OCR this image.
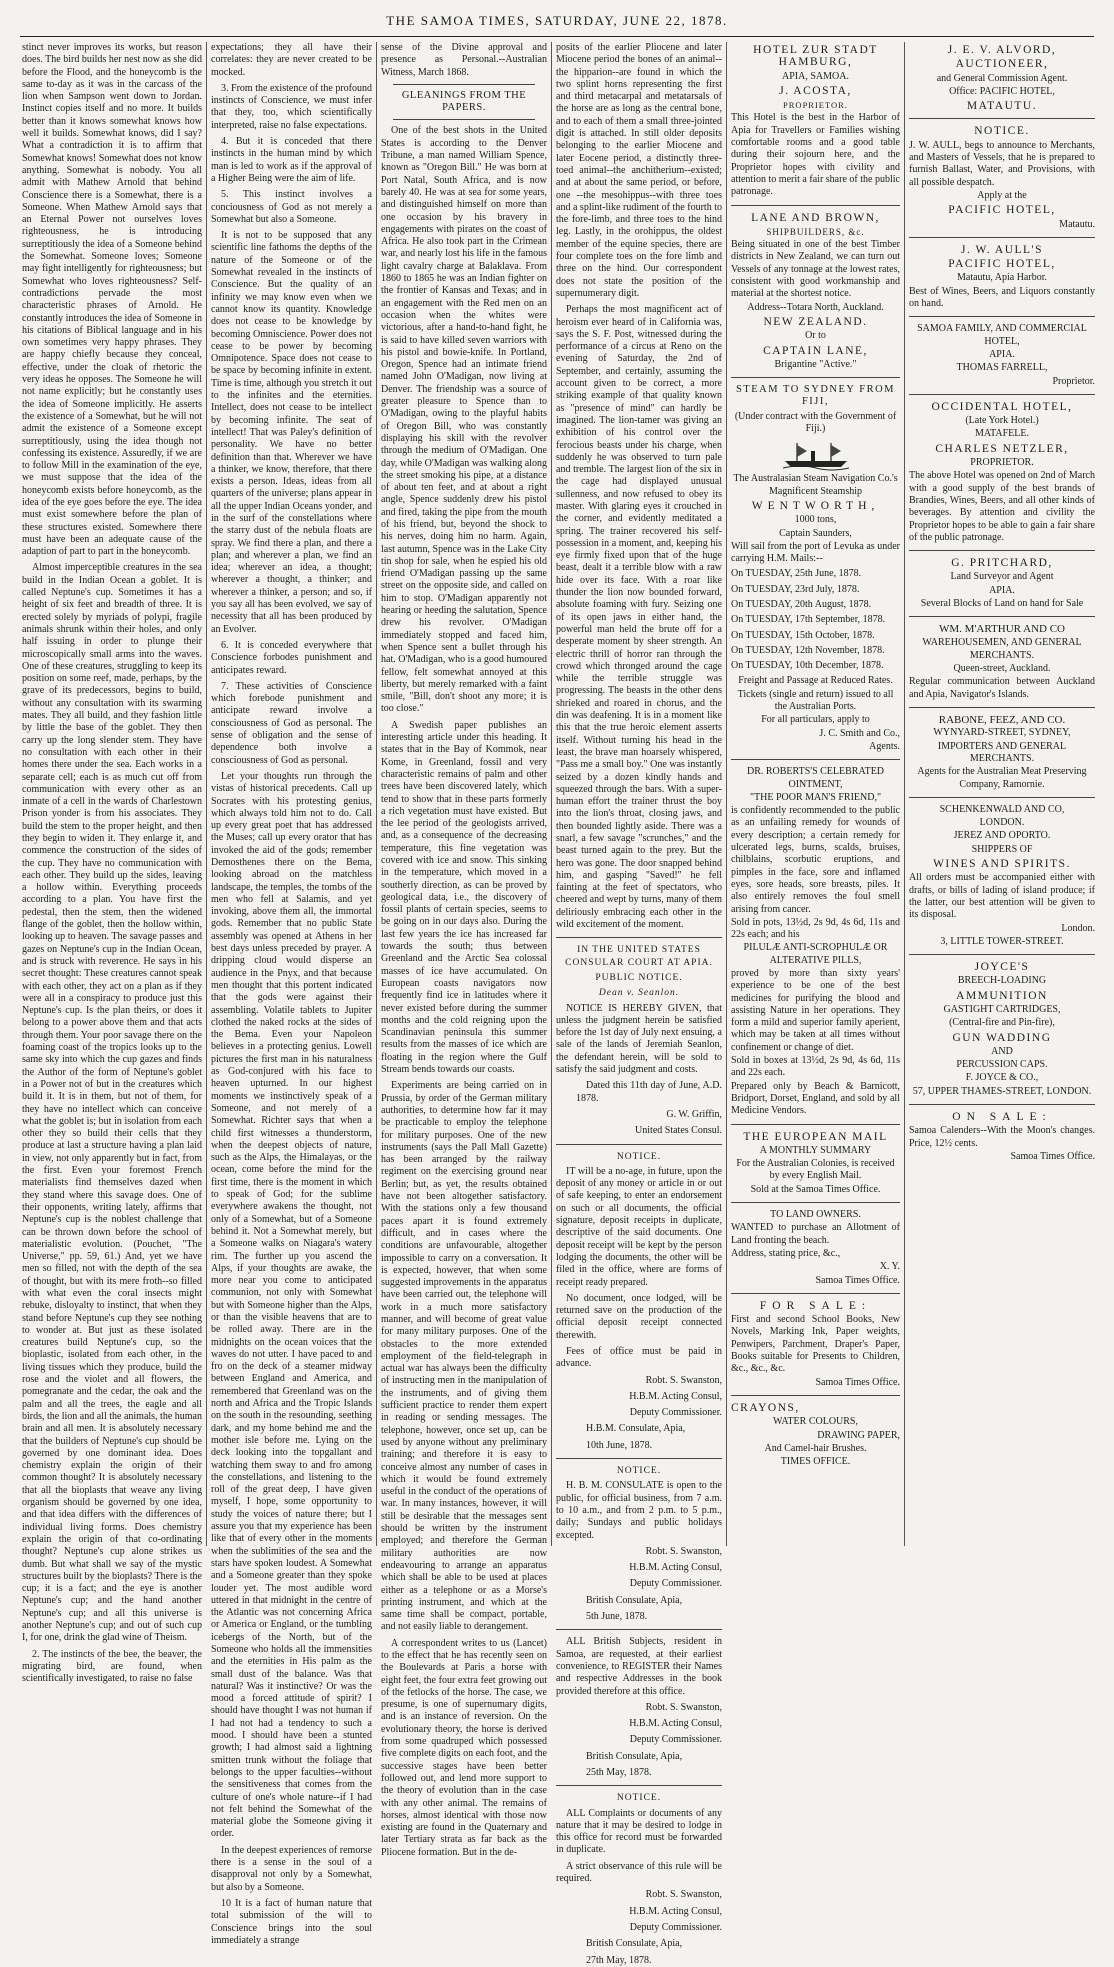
THE SAMOA TIMES, SATURDAY, JUNE 22, 1878.

stinct never improves its works, but reason does. The bird builds her nest now as she did before the Flood, and the honeycomb is the same to-day as it was in the carcass of the lion when Sampson went down to Jordan. Instinct copies itself and no more. It builds better than it knows somewhat knows how well it builds. Somewhat knows, did I say? What a contradiction it is to affirm that Somewhat knows! Somewhat does not know anything. Somewhat is nobody. You all admit with Mathew Arnold that behind Conscience there is a Somewhat, there is a Someone. When Mathew Arnold says that an Eternal Power not ourselves loves righteousness, he is introducing surreptitiously the idea of a Someone behind the Somewhat. Someone loves; Someone may fight intelligently for righteousness; but Somewhat who loves righteousness? Self-contradictions pervade the most characteristic phrases of Arnold. He constantly introduces the idea of Someone in his citations of Biblical language and in his own sometimes very happy phrases. They are happy chiefly because they conceal, effective, under the cloak of rhetoric the very ideas he opposes. The Someone he will not name explicitly; but he constantly uses the idea of Someone implicitly. He asserts the existence of a Somewhat, but he will not admit the existence of a Someone except surreptitiously, using the idea though not confessing its existence. Assuredly, if we are to follow Mill in the examination of the eye, we must suppose that the idea of the honeycomb exists before honeycomb, as the idea of the eye goes before the eye. The idea must exist somewhere before the plan of these structures existed. Somewhere there must have been an adequate cause of the adaption of part to part in the honeycomb.

Almost imperceptible creatures in the sea build in the Indian Ocean a goblet. It is called Neptune's cup. Sometimes it has a height of six feet and breadth of three. It is erected solely by myriads of polypi, fragile animals shrunk within their holes, and only half issuing in order to plunge their microscopically small arms into the waves. One of these creatures, struggling to keep its position on some reef, made, perhaps, by the grave of its predecessors, begins to build, without any consultation with its swarming mates. They all build, and they fashion little by little the base of the goblet. They then carry up the long slender stem. They have no consultation with each other in their homes there under the sea. Each works in a separate cell; each is as much cut off from communication with every other as an inmate of a cell in the wards of Charlestown Prison yonder is from his associates. They build the stem to the proper height, and then they begin to widen it. They enlarge it, and commence the construction of the sides of the cup. They have no communication with each other. They build up the sides, leaving a hollow within. Everything proceeds according to a plan. You have first the pedestal, then the stem, then the widened flange of the goblet, then the hollow within, looking up to heaven. The savage passes and gazes on Neptune's cup in the Indian Ocean, and is struck with reverence. He says in his secret thought: These creatures cannot speak with each other, they act on a plan as if they were all in a conspiracy to produce just this Neptune's cup. Is the plan theirs, or does it belong to a power above them and that acts through them. Your poor savage there on the foaming coast of the tropics looks up to the same sky into which the cup gazes and finds the Author of the form of Neptune's goblet in a Power not of but in the creatures which build it. It is in them, but not of them, for they have no intellect which can conceive what the goblet is; but in isolation from each other they so build their cells that they produce at last a structure having a plan laid in view, not only apparently but in fact, from the first. Even your foremost French materialists find themselves dazed when they stand where this savage does. One of their opponents, writing lately, affirms that Neptune's cup is the noblest challenge that can be thrown down before the school of materialistic evolution. (Pouchet, "The Universe," pp. 59, 61.) And, yet we have men so filled, not with the depth of the sea of thought, but with its mere froth--so filled with what even the coral insects might rebuke, disloyalty to instinct, that when they stand before Neptune's cup they see nothing to wonder at. But just as these isolated creatures build Neptune's cup, so the bioplastic, isolated from each other, in the living tissues which they produce, build the rose and the violet and all flowers, the pomegranate and the cedar, the oak and the palm and all the trees, the eagle and all birds, the lion and all the animals, the human brain and all men. It is absolutely necessary that the builders of Neptune's cup should be governed by one dominant idea. Does chemistry explain the origin of their common thought? It is absolutely necessary that all the bioplasts that weave any living organism should be governed by one idea, and that idea differs with the differences of individual living forms. Does chemistry explain the origin of that co-ordinating thought? Neptune's cup alone strikes us dumb. But what shall we say of the mystic structures built by the bioplasts? There is the cup; it is a fact; and the eye is another Neptune's cup; and the hand another Neptune's cup; and all this universe is another Neptune's cup; and out of such cup I, for one, drink the glad wine of Theism.

2. The instincts of the bee, the beaver, the migrating bird, are found, when scientifically investigated, to raise no false

expectations; they all have their correlates: they are never created to be mocked.

3. From the existence of the profound instincts of Conscience, we must infer that they, too, which scientifically interpreted, raise no false expectations.

4. But it is conceded that there instincts in the human mind by which man is led to work as if the approval of a Higher Being were the aim of life.

5. This instinct involves a conciousness of God as not merely a Somewhat but also a Someone.

It is not to be supposed that any scientific line fathoms the depths of the nature of the Someone or of the Somewhat revealed in the instincts of Conscience. But the quality of an infinity we may know even when we cannot know its quantity. Knowledge does not cease to be knowledge by becoming Omniscience. Power does not cease to be power by becoming Omnipotence. Space does not cease to be space by becoming infinite in extent. Time is time, although you stretch it out to the infinites and the eternities. Intellect, does not cease to be intellect by becoming infinite. The seat of intellect! That was Paley's definition of personality. We have no better definition than that. Wherever we have a thinker, we know, therefore, that there exists a person. Ideas, ideas from all quarters of the universe; plans appear in all the upper Indian Oceans yonder, and in the surf of the constellations where the starry dust of the nebula floats are spray. We find there a plan, and there a plan; and wherever a plan, we find an idea; wherever an idea, a thought; wherever a thought, a thinker; and wherever a thinker, a person; and so, if you say all has been evolved, we say of necessity that all has been produced by an Evolver.

6. It is conceded everywhere that Conscience forbodes punishment and anticipates reward.

7. These activities of Conscience which forebode punishment and anticipate reward involve a consciousness of God as personal. The sense of obligation and the sense of dependence both involve a consciousness of God as personal.

Let your thoughts run through the vistas of historical precedents. Call up Socrates with his protesting genius, which always told him not to do. Call up every great poet that has addressed the Muses; call up every orator that has invoked the aid of the gods; remember Demosthenes there on the Bema, looking abroad on the matchless landscape, the temples, the tombs of the men who fell at Salamis, and yet invoking, above them all, the immortal gods. Remember that no public State assembly was opened at Athens in her best days unless preceded by prayer. A dripping cloud would disperse an audience in the Pnyx, and that because men thought that this portent indicated that the gods were against their assembling. Volatile tablets to Jupiter clothed the naked rocks at the sides of the Bema. Even your Napoleon believes in a protecting genius. Lowell pictures the first man in his naturalness as God-conjured with his face to heaven upturned. In our highest moments we instinctively speak of a Someone, and not merely of a Somewhat. Richter says that when a child first witnesses a thunderstorm, when the deepest objects of nature, such as the Alps, the Himalayas, or the ocean, come before the mind for the first time, there is the moment in which to speak of God; for the sublime everywhere awakens the thought, not only of a Somewhat, but of a Someone behind it. Not a Somewhat merely, but a Someone walks on Niagara's watery rim. The further up you ascend the Alps, if your thoughts are awake, the more near you come to anticipated communion, not only with Somewhat but with Someone higher than the Alps, or than the visible heavens that are to be rolled away. There are in the midnights on the ocean voices that the waves do not utter. I have paced to and fro on the deck of a steamer midway between England and America, and remembered that Greenland was on the north and Africa and the Tropic Islands on the south in the resounding, seething dark, and my home behind me and the mother isle before me. Lying on the deck looking into the topgallant and watching them sway to and fro among the constellations, and listening to the roll of the great deep, I have given myself, I hope, some opportunity to study the voices of nature there; but I assure you that my experience has been like that of every other in the moments when the sublimities of the sea and the stars have spoken loudest. A Somewhat and a Someone greater than they spoke louder yet. The most audible word uttered in that midnight in the centre of the Atlantic was not concerning Africa or America or England, or the tumbling icebergs of the North, but of the Someone who holds all the immensities and the eternities in His palm as the small dust of the balance. Was that natural? Was it instinctive? Or was the mood a forced attitude of spirit? I should have thought I was not human if I had not had a tendency to such a mood. I should have been a stunted growth; I had almost said a lightning smitten trunk without the foliage that belongs to the upper faculties--without the sensitiveness that comes from the culture of one's whole nature--if I had not felt behind the Somewhat of the material globe the Someone giving it order.

In the deepest experiences of remorse there is a sense in the soul of a disapproval not only by a Somewhat, but also by a Someone.

10 It is a fact of human nature that total submission of the will to Conscience brings into the soul immediately a strange

sense of the Divine approval and presence as Personal.--Australian Witness, March 1868.

GLEANINGS FROM THE PAPERS.

One of the best shots in the United States is according to the Denver Tribune, a man named William Spence, known as "Oregon Bill." He was born at Port Natal, South Africa, and is now barely 40. He was at sea for some years, and distinguished himself on more than one occasion by his bravery in engagements with pirates on the coast of Africa. He also took part in the Crimean war, and nearly lost his life in the famous light cavalry charge at Balaklava. From 1860 to 1865 he was an Indian fighter on the frontier of Kansas and Texas; and in an engagement with the Red men on an occasion when the whites were victorious, after a hand-to-hand fight, he is said to have killed seven warriors with his pistol and bowie-knife. In Portland, Oregon, Spence had an intimate friend named John O'Madigan, now living at Denver. The friendship was a source of greater pleasure to Spence than to O'Madigan, owing to the playful habits of Oregon Bill, who was constantly displaying his skill with the revolver through the medium of O'Madigan. One day, while O'Madigan was walking along the street smoking his pipe, at a distance of about ten feet, and at about a right angle, Spence suddenly drew his pistol and fired, taking the pipe from the mouth of his friend, but, beyond the shock to his nerves, doing him no harm. Again, last autumn, Spence was in the Lake City tin shop for sale, when he espied his old friend O'Madigan passing up the same street on the opposite side, and called on him to stop. O'Madigan apparently not hearing or heeding the salutation, Spence drew his revolver. O'Madigan immediately stopped and faced him, when Spence sent a bullet through his hat. O'Madigan, who is a good humoured fellow, felt somewhat annoyed at this liberty, but merely remarked with a faint smile, "Bill, don't shoot any more; it is too close."

A Swedish paper publishes an interesting article under this heading. It states that in the Bay of Kommok, near Kome, in Greenland, fossil and very characteristic remains of palm and other trees have been discovered lately, which tend to show that in these parts formerly a rich vegetation must have existed. But the lee period of the geologists arrived, and, as a consequence of the decreasing temperature, this fine vegetation was covered with ice and snow. This sinking in the temperature, which moved in a southerly direction, as can be proved by geological data, i.e., the discovery of fossil plants of certain species, seems to be going on in our days also. During the last few years the ice has increased far towards the south; thus between Greenland and the Arctic Sea colossal masses of ice have accumulated. On European coasts navigators now frequently find ice in latitudes where it never existed before during the summer months and the cold reigning upon the Scandinavian peninsula this summer results from the masses of ice which are floating in the region where the Gulf Stream bends towards our coasts.

Experiments are being carried on in Prussia, by order of the German military authorities, to determine how far it may be practicable to employ the telephone for military purposes. One of the new instruments (says the Pall Mall Gazette) has been arranged by the railway regiment on the exercising ground near Berlin; but, as yet, the results obtained have not been altogether satisfactory. With the stations only a few thousand paces apart it is found extremely difficult, and in cases where the conditions are unfavourable, altogether impossible to carry on a conversation. It is expected, however, that when some suggested improvements in the apparatus have been carried out, the telephone will work in a much more satisfactory manner, and will become of great value for many military purposes. One of the obstacles to the more extended employment of the field-telegraph in actual war has always been the difficulty of instructing men in the manipulation of the instruments, and of giving them sufficient practice to render them expert in reading or sending messages. The telephone, however, once set up, can be used by anyone without any preliminary training; and therefore it is easy to conceive almost any number of cases in which it would be found extremely useful in the conduct of the operations of war. In many instances, however, it will still be desirable that the messages sent should be written by the instrument employed; and therefore the German military authorities are now endeavouring to arrange an apparatus which shall be able to be used at places either as a telephone or as a Morse's printing instrument, and which at the same time shall be compact, portable, and not easily liable to derangement.

A correspondent writes to us (Lancet) to the effect that he has recently seen on the Boulevards at Paris a horse with eight feet, the four extra feet growing out of the fetlocks of the horse. The case, we presume, is one of supernumary digits, and is an instance of reversion. On the evolutionary theory, the horse is derived from some quadruped which possessed five complete digits on each foot, and the successive stages have been better followed out, and lend more support to the theory of evolution than in the case with any other animal. The remains of horses, almost identical with those now existing are found in the Quaternary and later Tertiary strata as far back as the Pliocene formation. But in the de-

posits of the earlier Pliocene and later Miocene period the bones of an animal--the hipparion--are found in which the two splint horns representing the first and third metacarpal and metatarsals of the horse are as long as the central bone, and to each of them a small three-jointed digit is attached. In still older deposits belonging to the earlier Miocene and later Eocene period, a distinctly three-toed animal--the anchitherium--existed; and at about the same period, or before, one --the mesohippus--with three toes and a splint-like rudiment of the fourth to the fore-limb, and three toes to the hind leg. Lastly, in the orohippus, the oldest member of the equine species, there are four complete toes on the fore limb and three on the hind. Our correspondent does not state the position of the supernumerary digit.

Perhaps the most magnificent act of heroism ever heard of in California was, says the S. F. Post, witnessed during the performance of a circus at Reno on the evening of Saturday, the 2nd of September, and certainly, assuming the account given to be correct, a more striking example of that quality known as "presence of mind" can hardly be imagined. The lion-tamer was giving an exhibition of his control over the ferocious beasts under his charge, when suddenly he was observed to turn pale and tremble. The largest lion of the six in the cage had displayed unusual sullenness, and now refused to obey its master. With glaring eyes it crouched in the corner, and evidently meditated a spring. The trainer recovered his self-possession in a moment, and, keeping his eye firmly fixed upon that of the huge beast, dealt it a terrible blow with a raw hide over its face. With a roar like thunder the lion now bounded forward, absolute foaming with fury. Seizing one of its open jaws in either hand, the powerful man held the brute off for a desperate moment by sheer strength. An electric thrill of horror ran through the crowd which thronged around the cage while the terrible struggle was progressing. The beasts in the other dens shrieked and roared in chorus, and the din was deafening. It is in a moment like this that the true heroic element asserts itself. Without turning his head in the least, the brave man hoarsely whispered, "Pass me a small boy." One was instantly seized by a dozen kindly hands and squeezed through the bars. With a super-human effort the trainer thrust the boy into the lion's throat, closing jaws, and then bounded lightly aside. There was a snarl, a few savage "scrunches," and the beast turned again to the prey. But the hero was gone. The door snapped behind him, and gasping "Saved!" he fell fainting at the feet of spectators, who cheered and wept by turns, many of them deliriously embracing each other in the wild excitement of the moment.

IN THE UNITED STATES CONSULAR COURT AT APIA.
PUBLIC NOTICE.
Dean v. Seanlon.

NOTICE IS HEREBY GIVEN, that unless the judgment herein be satisfied before the 1st day of July next ensuing, a sale of the lands of Jeremiah Seanlon, the defendant herein, will be sold to satisfy the said judgment and costs.

Dated this 11th day of June, A.D. 1878.

G. W. Griffin,

United States Consul.

NOTICE.

IT will be a no-age, in future, upon the deposit of any money or article in or out of safe keeping, to enter an endorsement on such or all documents, the official signature, deposit receipts in duplicate, descriptive of the said documents. One deposit receipt will be kept by the person lodging the documents, the other will be filed in the office, where are forms of receipt ready prepared.

No document, once lodged, will be returned save on the production of the official deposit receipt connected therewith.

Fees of office must be paid in advance.

Robt. S. Swanston,

H.B.M. Acting Consul,

Deputy Commissioner.

H.B.M. Consulate, Apia,

10th June, 1878.

NOTICE.

H. B. M. CONSULATE is open to the public, for official business, from 7 a.m. to 10 a.m., and from 2 p.m. to 5 p.m., daily; Sundays and public holidays excepted.

Robt. S. Swanston,

H.B.M. Acting Consul,

Deputy Commissioner.

British Consulate, Apia,

5th June, 1878.

ALL British Subjects, resident in Samoa, are requested, at their earliest convenience, to REGISTER their Names and respective Addresses in the book provided therefore at this office.

Robt. S. Swanston,

H.B.M. Acting Consul,

Deputy Commissioner.

British Consulate, Apia,

25th May, 1878.

NOTICE.

ALL Complaints or documents of any nature that it may be desired to lodge in this office for record must be forwarded in duplicate.

A strict observance of this rule will be required.

Robt. S. Swanston,

H.B.M. Acting Consul,

Deputy Commissioner.

British Consulate, Apia,

27th May, 1878.

HOTEL ZUR STADT HAMBURG,
APIA, SAMOA.
J. ACOSTA,
PROPRIETOR.
This Hotel is the best in the Harbor of Apia for Travellers or Families wishing comfortable rooms and a good table during their sojourn here, and the Proprietor hopes with civility and attention to merit a fair share of the public patronage.
LANE AND BROWN,
SHIPBUILDERS, &c.
Being situated in one of the best Timber districts in New Zealand, we can turn out Vessels of any tonnage at the lowest rates, consistent with good workmanship and material at the shortest notice.
Address--Totara North, Auckland.
NEW ZEALAND.
Or to
CAPTAIN LANE,
Brigantine "Active."
STEAM TO SYDNEY FROM FIJI,
(Under contract with the Government of Fiji.)
The Australasian Steam Navigation Co.'s Magnificent Steamship
WENTWORTH,
1000 tons,
Captain Saunders,
Will sail from the port of Levuka as under carrying H.M. Mails:--
On TUESDAY, 25th June, 1878.
On TUESDAY, 23rd July, 1878.
On TUESDAY, 20th August, 1878.
On TUESDAY, 17th September, 1878.
On TUESDAY, 15th October, 1878.
On TUESDAY, 12th November, 1878.
On TUESDAY, 10th December, 1878.
Freight and Passage at Reduced Rates.
Tickets (single and return) issued to all the Australian Ports.
For all particulars, apply to
J. C. Smith and Co.,
Agents.
DR. ROBERTS'S CELEBRATED OINTMENT,
"THE POOR MAN'S FRIEND,"
is confidently recommended to the public as an unfailing remedy for wounds of every description; a certain remedy for ulcerated legs, burns, scalds, bruises, chilblains, scorbutic eruptions, and pimples in the face, sore and inflamed eyes, sore heads, sore breasts, piles. It also entirely removes the foul smell arising from cancer.
Sold in pots, 13½d, 2s 9d, 4s 6d, 11s and 22s each; and his
PILULÆ ANTI-SCROPHULÆ OR ALTERATIVE PILLS,
proved by more than sixty years' experience to be one of the best medicines for purifying the blood and assisting Nature in her operations. They form a mild and superior family aperient, which may be taken at all times without confinement or change of diet.
Sold in boxes at 13½d, 2s 9d, 4s 6d, 11s and 22s each.
Prepared only by Beach & Barnicott, Bridport, Dorset, England, and sold by all Medicine Vendors.
THE EUROPEAN MAIL
A MONTHLY SUMMARY
For the Australian Colonies, is received by every English Mail.
Sold at the Samoa Times Office.
TO LAND OWNERS.
WANTED to purchase an Allotment of Land fronting the beach.
Address, stating price, &c.,
X. Y.
Samoa Times Office.
FOR SALE:
First and second School Books, New Novels, Marking Ink, Paper weights, Penwipers, Parchment, Draper's Paper, Books suitable for Presents to Children, &c., &c., &c.
Samoa Times Office.
CRAYONS,
WATER COLOURS,
DRAWING PAPER,
And Camel-hair Brushes.
TIMES OFFICE.
J. E. V. ALVORD,
AUCTIONEER,
and General Commission Agent.
Office: PACIFIC HOTEL,
MATAUTU.
NOTICE.
J. W. AULL, begs to announce to Merchants, and Masters of Vessels, that he is prepared to furnish Ballast, Water, and Provisions, with all possible despatch.
Apply at the
PACIFIC HOTEL,
Matautu.
J. W. AULL'S
PACIFIC HOTEL,
Matautu, Apia Harbor.
Best of Wines, Beers, and Liquors constantly on hand.
SAMOA FAMILY, AND COMMERCIAL HOTEL,
APIA.
THOMAS FARRELL,
Proprietor.
OCCIDENTAL HOTEL,
(Late York Hotel.)
MATAFELE.
CHARLES NETZLER,
PROPRIETOR.
The above Hotel was opened on 2nd of March with a good supply of the best brands of Brandies, Wines, Beers, and all other kinds of beverages. By attention and civility the Proprietor hopes to be able to gain a fair share of the public patronage.
G. PRITCHARD,
Land Surveyor and Agent
APIA.
Several Blocks of Land on hand for Sale
WM. M'ARTHUR AND CO
WAREHOUSEMEN, AND GENERAL
MERCHANTS.
Queen-street, Auckland.
Regular communication between Auckland and Apia, Navigator's Islands.
RABONE, FEEZ, AND CO.
WYNYARD-STREET, SYDNEY,
IMPORTERS AND GENERAL MERCHANTS.
Agents for the Australian Meat Preserving Company, Ramornie.
SCHENKENWALD AND CO,
LONDON.
JEREZ AND OPORTO.
SHIPPERS OF
WINES AND SPIRITS.
All orders must be accompanied either with drafts, or bills of lading of island produce; if the latter, our best attention will be given to its disposal.
London.
3, LITTLE TOWER-STREET.
JOYCE'S
BREECH-LOADING
AMMUNITION
GASTIGHT CARTRIDGES,
(Central-fire and Pin-fire),
GUN WADDING
AND
PERCUSSION CAPS.
F. JOYCE & CO.,
57, UPPER THAMES-STREET, LONDON.
ON SALE:
Samoa Calenders--With the Moon's changes. Price, 12½ cents.
Samoa Times Office.
